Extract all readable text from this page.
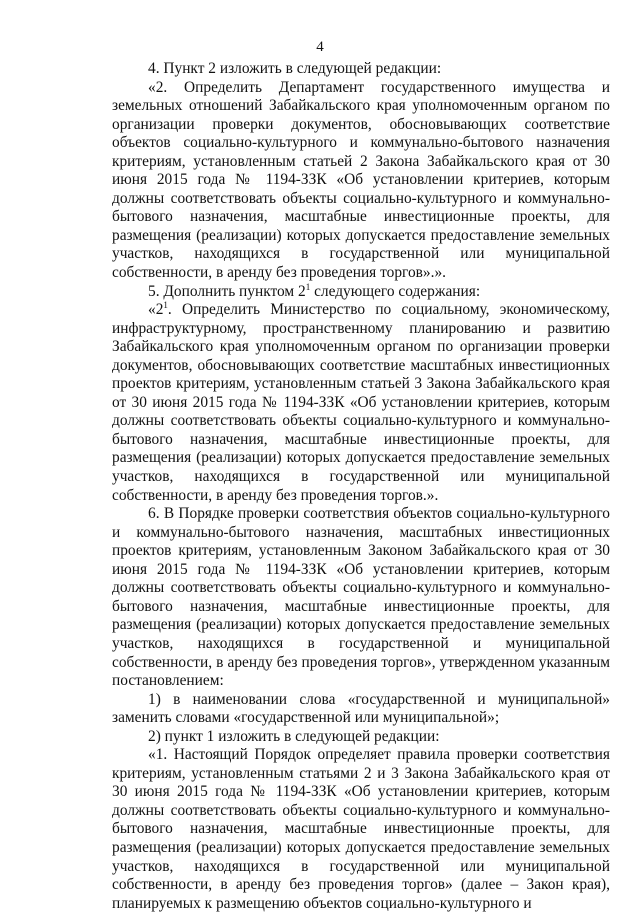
4

4. Пункт 2 изложить в следующей редакции:

«2. Определить Департамент государственного имущества и земельных отношений Забайкальского края уполномоченным органом по организации проверки документов, обосновывающих соответствие объектов социально-культурного и коммунально-бытового назначения критериям, установленным статьей 2 Закона Забайкальского края от 30 июня 2015 года № 1194-ЗЗК «Об установлении критериев, которым должны соответствовать объекты социально-культурного и коммунально-бытового назначения, масштабные инвестиционные проекты, для размещения (реализации) которых допускается предоставление земельных участков, находящихся в государственной или муниципальной собственности, в аренду без проведения торгов».».

5. Дополнить пунктом $2^1$ следующего содержания:

«$2^1$. Определить Министерство по социальному, экономическому, инфраструктурному, пространственному планированию и развитию Забайкальского края уполномоченным органом по организации проверки документов, обосновывающих соответствие масштабных инвестиционных проектов критериям, установленным статьей 3 Закона Забайкальского края от 30 июня 2015 года № 1194-ЗЗК «Об установлении критериев, которым должны соответствовать объекты социально-культурного и коммунально-бытового назначения, масштабные инвестиционные проекты, для размещения (реализации) которых допускается предоставление земельных участков, находящихся в государственной или муниципальной собственности, в аренду без проведения торгов.».

6. В Порядке проверки соответствия объектов социально-культурного и коммунально-бытового назначения, масштабных инвестиционных проектов критериям, установленным Законом Забайкальского края от 30 июня 2015 года № 1194-ЗЗК «Об установлении критериев, которым должны соответствовать объекты социально-культурного и коммунально-бытового назначения, масштабные инвестиционные проекты, для размещения (реализации) которых допускается предоставление земельных участков, находящихся в государственной и муниципальной собственности, в аренду без проведения торгов», утвержденном указанным постановлением:

1) в наименовании слова «государственной и муниципальной» заменить словами «государственной или муниципальной»;

2) пункт 1 изложить в следующей редакции:

«1. Настоящий Порядок определяет правила проверки соответствия критериям, установленным статьями 2 и 3 Закона Забайкальского края от 30 июня 2015 года № 1194-ЗЗК «Об установлении критериев, которым должны соответствовать объекты социально-культурного и коммунально-бытового назначения, масштабные инвестиционные проекты, для размещения (реализации) которых допускается предоставление земельных участков, находящихся в государственной или муниципальной собственности, в аренду без проведения торгов» (далее – Закон края), планируемых к размещению объектов социально-культурного и
